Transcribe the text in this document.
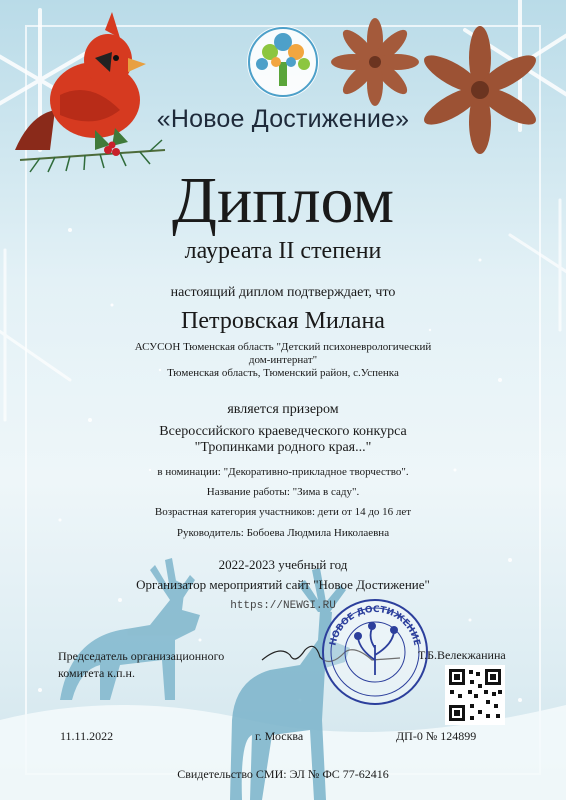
НОВОЕ ДОСТИЖЕНИЕ
«Новое Достижение»
Диплом
лауреата II степени
настоящий диплом подтверждает, что
Петровская Милана
АСУСОН Тюменская область "Детский психоневрологический
дом-интернат"
Тюменская область, Тюменский район, с.Успенка
является призером
Всероссийского краеведческого конкурса
"Тропинками родного края..."
в номинации: "Декоративно-прикладное творчество".
Название работы: "Зима в саду".
Возрастная категория участников: дети от 14 до 16 лет
Руководитель: Бобоева Людмила Николаевна
2022-2023 учебный год
Организатор мероприятий сайт "Новое Достижение"
https://NEWGI.RU
Председатель организационного
комитета к.п.н.
Т.Б.Велекжанина
11.11.2022	г. Москва	ДП-0 № 124899
Свидетельство СМИ: ЭЛ № ФС 77-62416
